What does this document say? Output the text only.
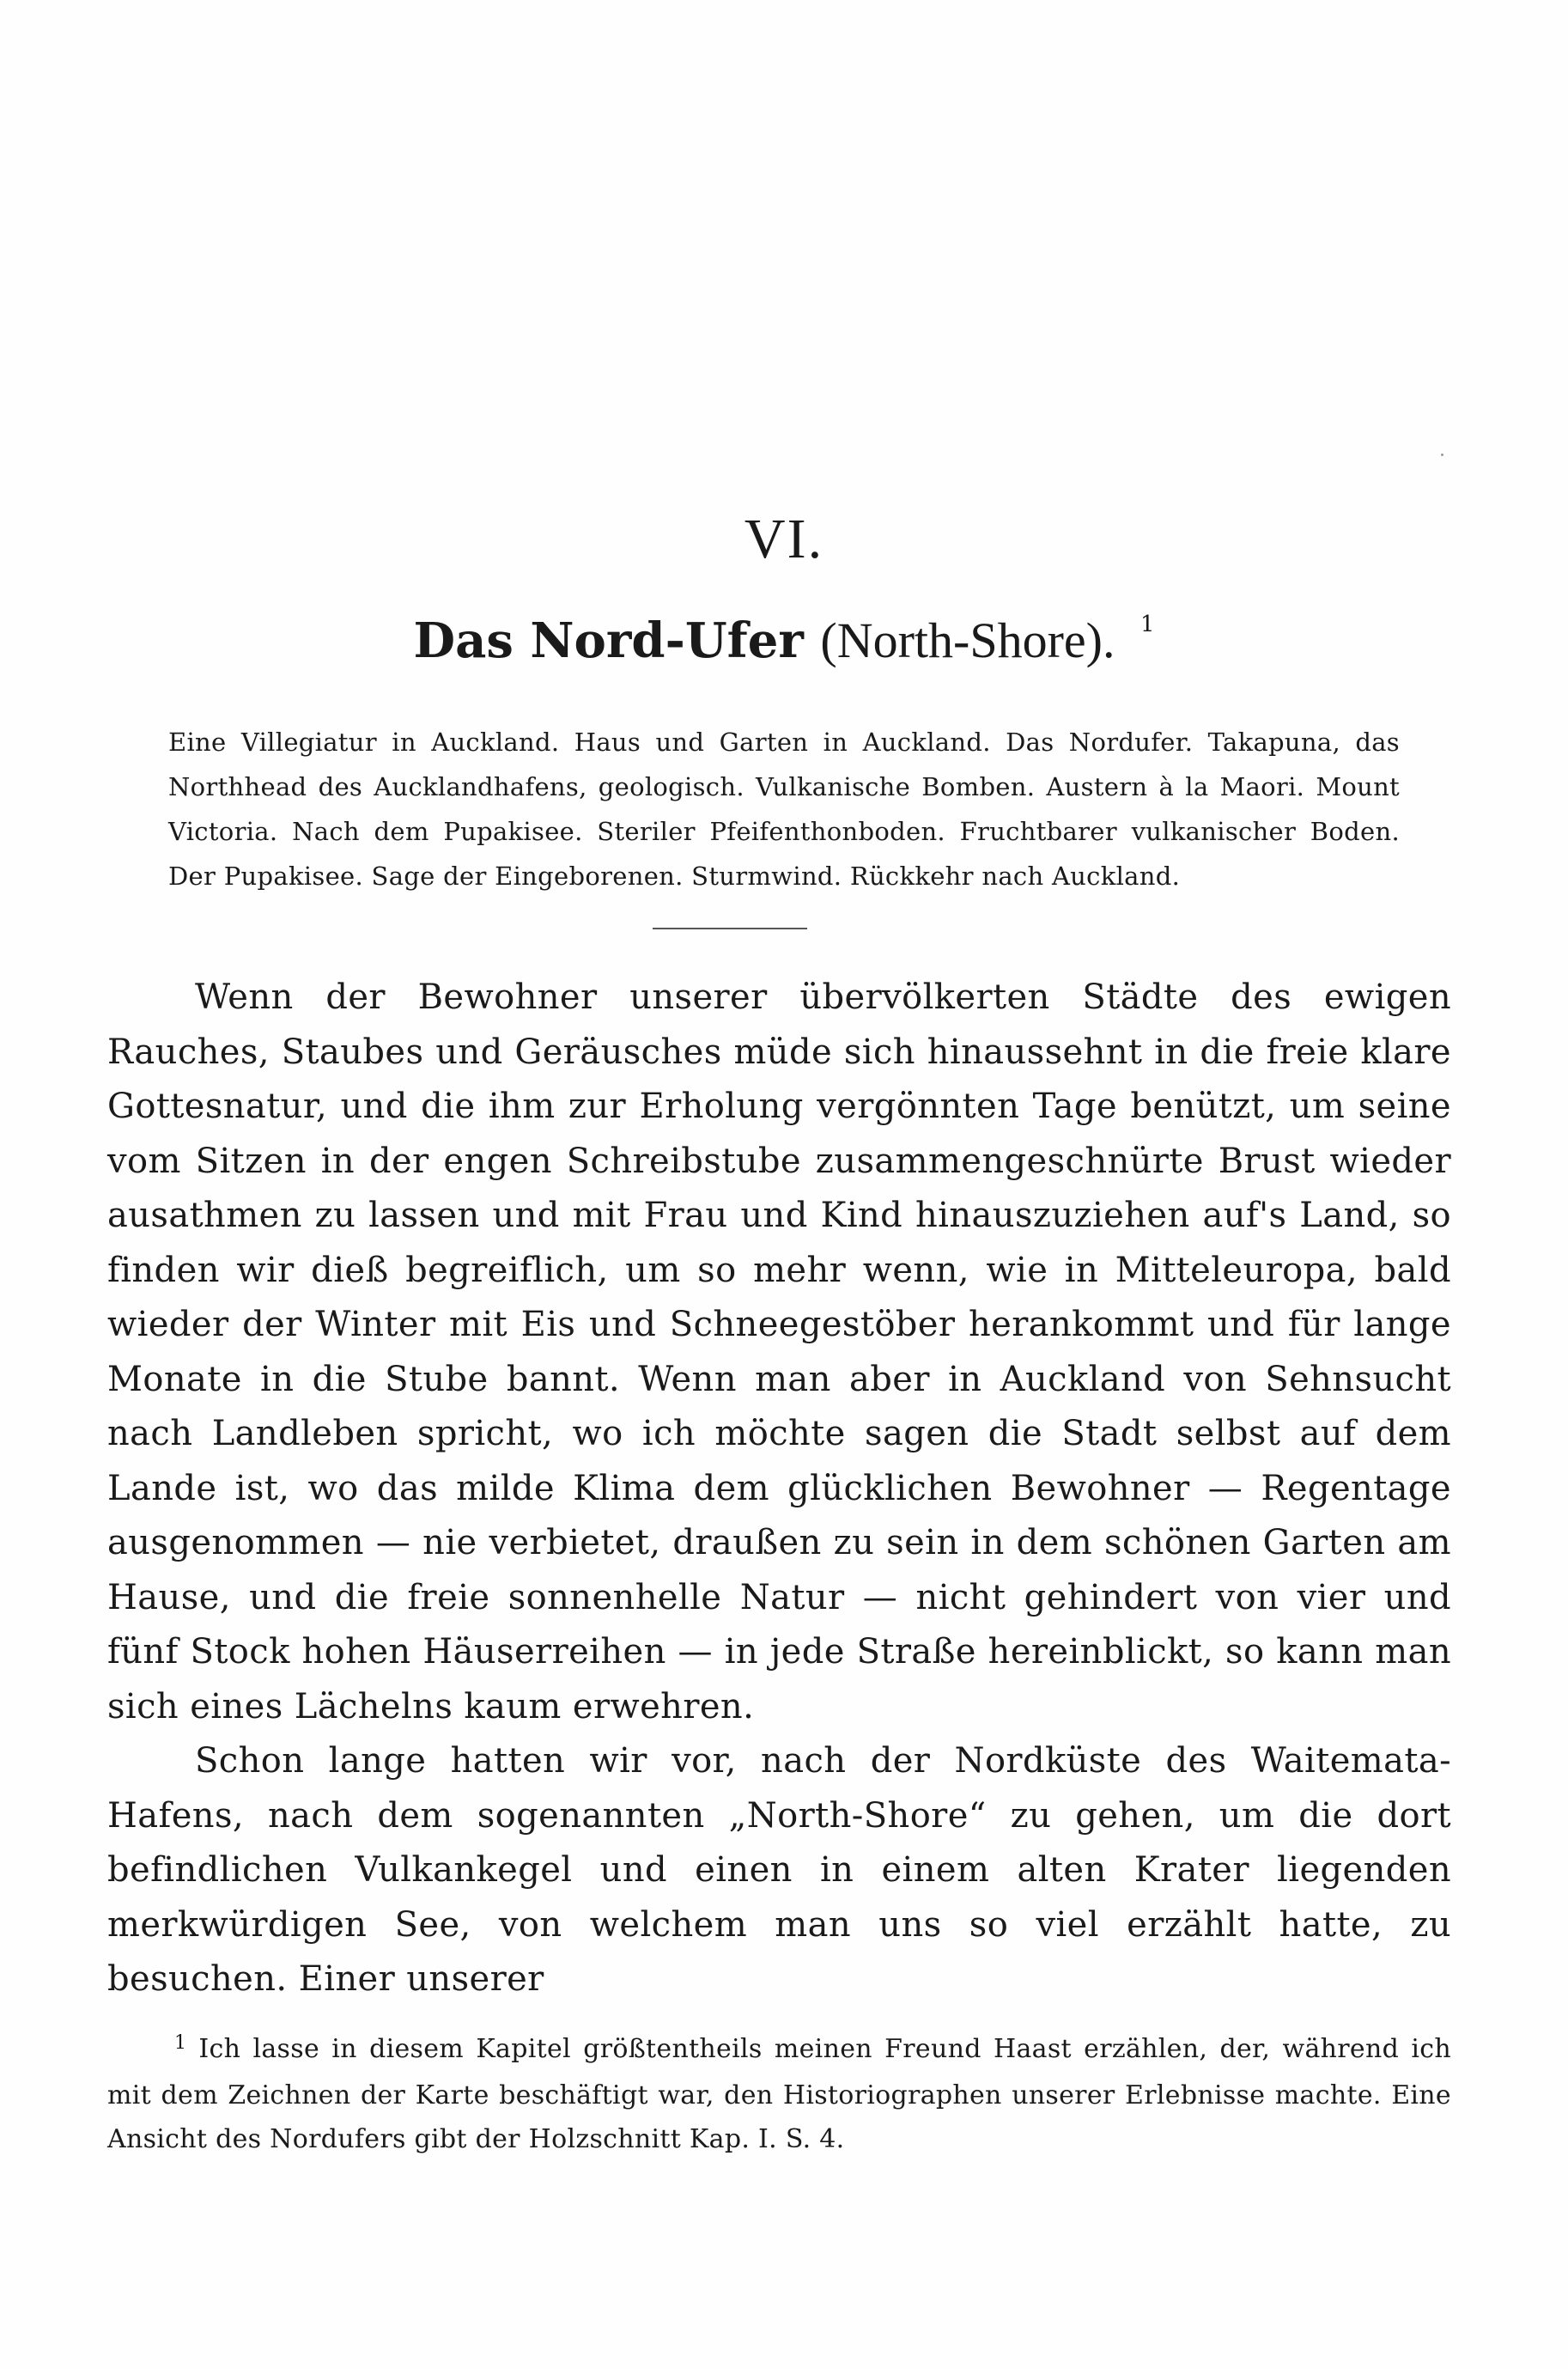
VI.
Das Nord-Ufer (North-Shore). $^1$
Eine Villegiatur in Auckland. Haus und Garten in Auckland. Das Nordufer. Takapuna, das Northhead des Aucklandhafens, geologisch. Vulkanische Bomben. Austern à la Maori. Mount Victoria. Nach dem Pupakisee. Steriler Pfeifenthonboden. Fruchtbarer vulkanischer Boden. Der Pupakisee. Sage der Eingeborenen. Sturmwind. Rückkehr nach Auckland.

Wenn der Bewohner unserer übervölkerten Städte des ewigen Rauches, Staubes und Geräusches müde sich hinaussehnt in die freie klare Gottesnatur, und die ihm zur Erholung vergönnten Tage benützt, um seine vom Sitzen in der engen Schreibstube zusammengeschnürte Brust wieder ausathmen zu lassen und mit Frau und Kind hinauszuziehen auf's Land, so finden wir dieß begreiflich, um so mehr wenn, wie in Mitteleuropa, bald wieder der Winter mit Eis und Schneegestöber herankommt und für lange Monate in die Stube bannt. Wenn man aber in Auckland von Sehnsucht nach Landleben spricht, wo ich möchte sagen die Stadt selbst auf dem Lande ist, wo das milde Klima dem glücklichen Bewohner — Regentage ausgenommen — nie verbietet, draußen zu sein in dem schönen Garten am Hause, und die freie sonnenhelle Natur — nicht gehindert von vier und fünf Stock hohen Häuserreihen — in jede Straße hereinblickt, so kann man sich eines Lächelns kaum erwehren.

Schon lange hatten wir vor, nach der Nordküste des Waitemata-Hafens, nach dem sogenannten „North-Shore“ zu gehen, um die dort befindlichen Vulkankegel und einen in einem alten Krater liegenden merkwürdigen See, von welchem man uns so viel erzählt hatte, zu besuchen. Einer unserer

$^1$ Ich lasse in diesem Kapitel größtentheils meinen Freund Haast erzählen, der, während ich mit dem Zeichnen der Karte beschäftigt war, den Historiographen unserer Erlebnisse machte. Eine Ansicht des Nordufers gibt der Holzschnitt Kap. I. S. 4.
